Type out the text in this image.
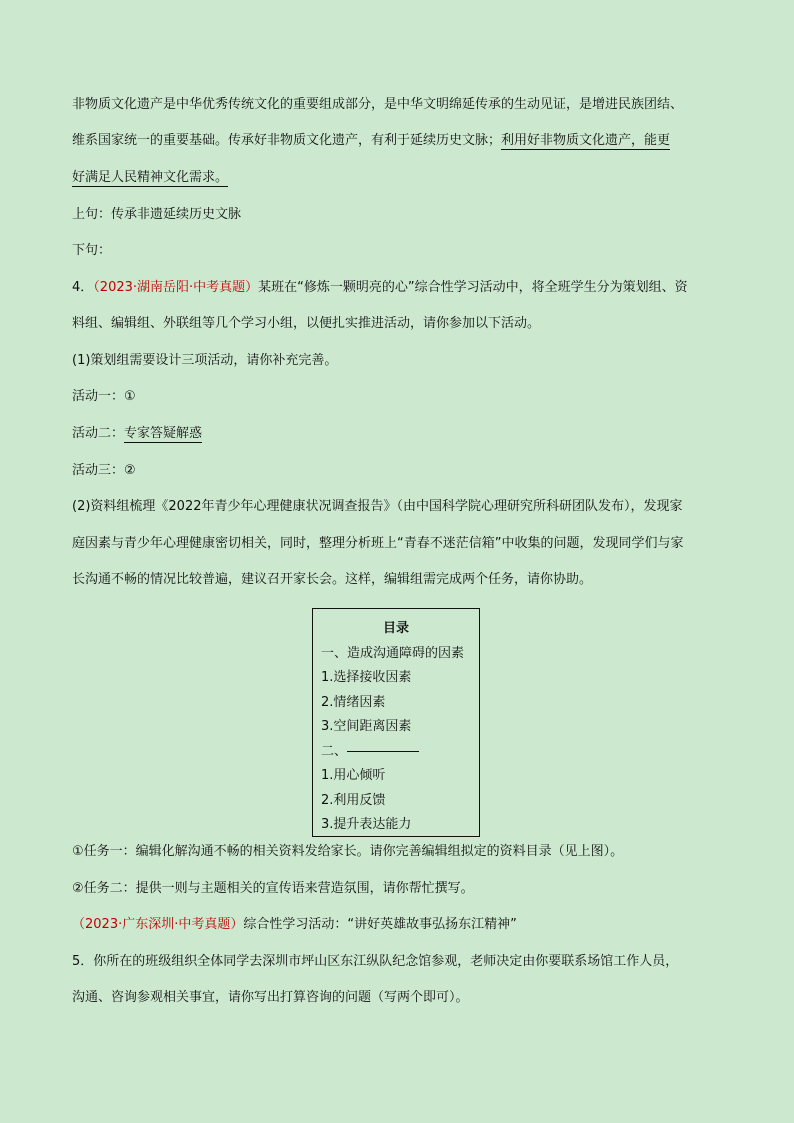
非物质文化遗产是中华优秀传统文化的重要组成部分，是中华文明绵延传承的生动见证，是增进民族团结、

维系国家统一的重要基础。传承好非物质文化遗产，有利于延续历史文脉；利用好非物质文化遗产，能更

好满足人民精神文化需求。

上句：传承非遗延续历史文脉

下句：

4．（2023·湖南岳阳·中考真题）某班在“修炼一颗明亮的心”综合性学习活动中，将全班学生分为策划组、资

料组、编辑组、外联组等几个学习小组，以便扎实推进活动，请你参加以下活动。

(1)策划组需要设计三项活动，请你补充完善。

活动一：①

活动二：专家答疑解惑

活动三：②

(2)资料组梳理《2022年青少年心理健康状况调查报告》（由中国科学院心理研究所科研团队发布），发现家

庭因素与青少年心理健康密切相关，同时，整理分析班上“青春不迷茫信箱”中收集的问题，发现同学们与家

长沟通不畅的情况比较普遍，建议召开家长会。这样，编辑组需完成两个任务，请你协助。

目录
一、造成沟通障碍的因素
1.选择接收因素
2.情绪因素
3.空间距离因素
二、
1.用心倾听
2.利用反馈
3.提升表达能力

①任务一：编辑化解沟通不畅的相关资料发给家长。请你完善编辑组拟定的资料目录（见上图）。

②任务二：提供一则与主题相关的宣传语来营造氛围，请你帮忙撰写。

（2023·广东深圳·中考真题）综合性学习活动：“讲好英雄故事弘扬东江精神”

5．你所在的班级组织全体同学去深圳市坪山区东江纵队纪念馆参观，老师决定由你要联系场馆工作人员，

沟通、咨询参观相关事宜，请你写出打算咨询的问题（写两个即可）。
